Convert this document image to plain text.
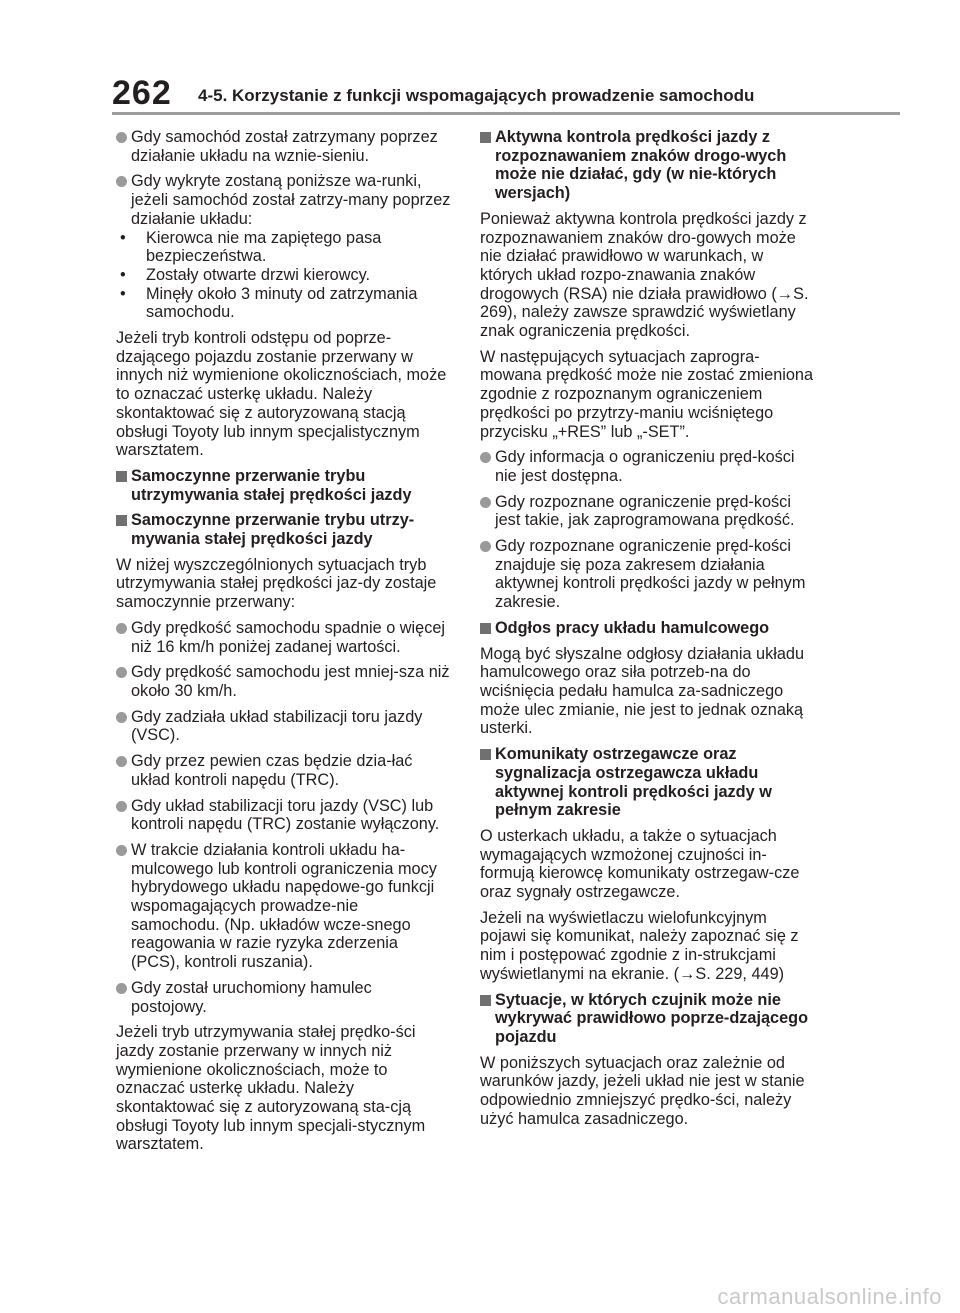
262 4-5. Korzystanie z funkcji wspomagających prowadzenie samochodu
Gdy samochód został zatrzymany poprzez działanie układu na wznie-sieniu.
Gdy wykryte zostaną poniższe wa-runki, jeżeli samochód został zatrzy-many poprzez działanie układu:
• Kierowca nie ma zapiętego pasa bezpieczeństwa.
• Zostały otwarte drzwi kierowcy.
• Minęły około 3 minuty od zatrzymania samochodu.

Jeżeli tryb kontroli odstępu od poprze-dzającego pojazdu zostanie przerwany w innych niż wymienione okolicznościach, może to oznaczać usterkę układu. Należy skontaktować się z autoryzowaną stacją obsługi Toyoty lub innym specjalistycznym warsztatem.

Samoczynne przerwanie trybu utrzymywania stałej prędkości jazdy
Samoczynne przerwanie trybu utrzy-mywania stałej prędkości jazdy

W niżej wyszczególnionych sytuacjach tryb utrzymywania stałej prędkości jaz-dy zostaje samoczynnie przerwany:

Gdy prędkość samochodu spadnie o więcej niż 16 km/h poniżej zadanej wartości.
Gdy prędkość samochodu jest mniej-sza niż około 30 km/h.
Gdy zadziała układ stabilizacji toru jazdy (VSC).
Gdy przez pewien czas będzie dzia-łać układ kontroli napędu (TRC).
Gdy układ stabilizacji toru jazdy (VSC) lub kontroli napędu (TRC) zostanie wyłączony.
W trakcie działania kontroli układu ha-mulcowego lub kontroli ograniczenia mocy hybrydowego układu napędowe-go funkcji wspomagających prowadze-nie samochodu. (Np. układów wcze-snego reagowania w razie ryzyka zderzenia (PCS), kontroli ruszania).
Gdy został uruchomiony hamulec postojowy.

Jeżeli tryb utrzymywania stałej prędko-ści jazdy zostanie przerwany w innych niż wymienione okolicznościach, może to oznaczać usterkę układu. Należy skontaktować się z autoryzowaną sta-cją obsługi Toyoty lub innym specjali-stycznym warsztatem.

Aktywna kontrola prędkości jazdy z rozpoznawaniem znaków drogo-wych może nie działać, gdy (w nie-których wersjach)

Ponieważ aktywna kontrola prędkości jazdy z rozpoznawaniem znaków dro-gowych może nie działać prawidłowo w warunkach, w których układ rozpo-znawania znaków drogowych (RSA) nie działa prawidłowo (→S. 269), należy zawsze sprawdzić wyświetlany znak ograniczenia prędkości.

W następujących sytuacjach zaprogra-mowana prędkość może nie zostać zmieniona zgodnie z rozpoznanym ograniczeniem prędkości po przytrzy-maniu wciśniętego przycisku „+RES” lub „-SET”.

Gdy informacja o ograniczeniu pręd-kości nie jest dostępna.
Gdy rozpoznane ograniczenie pręd-kości jest takie, jak zaprogramowana prędkość.
Gdy rozpoznane ograniczenie pręd-kości znajduje się poza zakresem działania aktywnej kontroli prędkości jazdy w pełnym zakresie.
Odgłos pracy układu hamulcowego

Mogą być słyszalne odgłosy działania układu hamulcowego oraz siła potrzeb-na do wciśnięcia pedału hamulca za-sadniczego może ulec zmianie, nie jest to jednak oznaką usterki.

Komunikaty ostrzegawcze oraz sygnalizacja ostrzegawcza układu aktywnej kontroli prędkości jazdy w pełnym zakresie

O usterkach układu, a także o sytuacjach wymagających wzmożonej czujności in-formują kierowcę komunikaty ostrzegaw-cze oraz sygnały ostrzegawcze.

Jeżeli na wyświetlaczu wielofunkcyjnym pojawi się komunikat, należy zapoznać się z nim i postępować zgodnie z in-strukcjami wyświetlanymi na ekranie. (→S. 229, 449)

Sytuacje, w których czujnik może nie wykrywać prawidłowo poprze-dzającego pojazdu

W poniższych sytuacjach oraz zależnie od warunków jazdy, jeżeli układ nie jest w stanie odpowiednio zmniejszyć prędko-ści, należy użyć hamulca zasadniczego.

carmanualsonline.info
